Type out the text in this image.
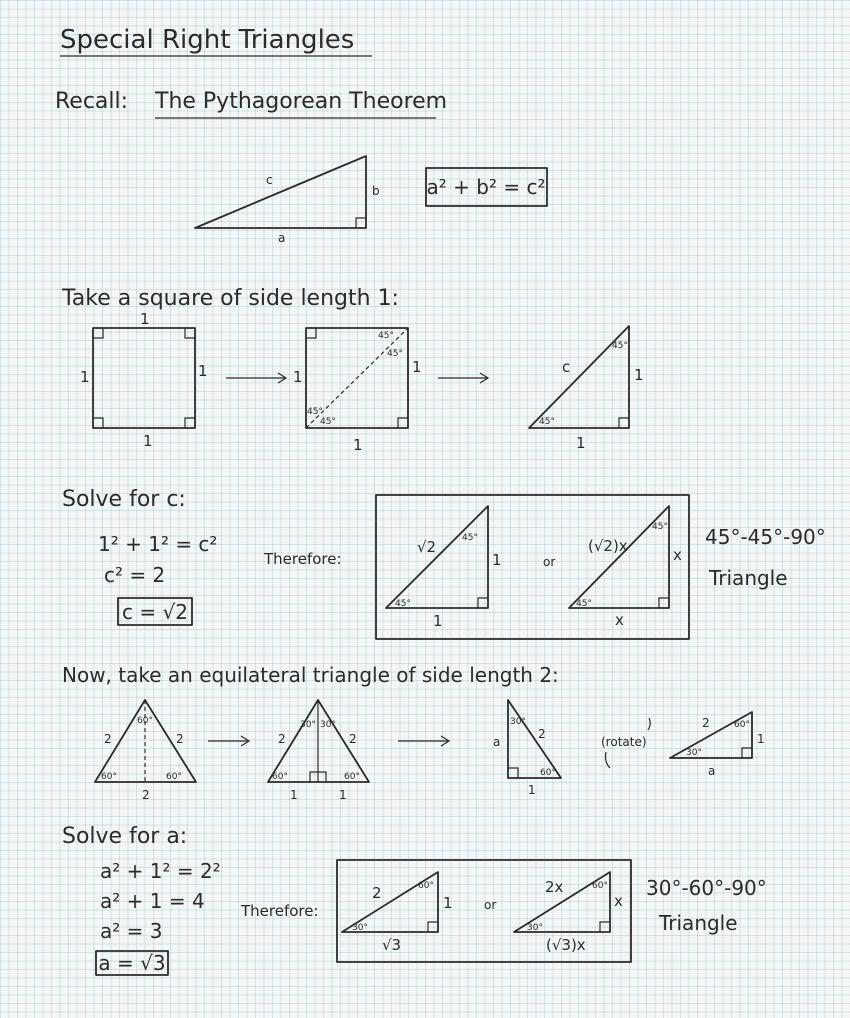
Special Right Triangles
Recall: The Pythagorean Theorem
a
b
c	a² + b² = c²
Take a square of side length 1:
1
1	1
1
1
1
1
45°
45°
45°
45°
c	1
1
45°
45°
Solve for c:
1² + 1² = c²
c² = 2
c = √2
Therefore:
√2
1
1
45°
45°
or
(√2)x	x
x
45°
45°
45°-45°-90°
Triangle
Now, take an equilateral triangle of side length 2:
2	2
2
60°
60°	60°
2	2
1	1
30° 30°
60°	60°
a
2
1
30°
60°
(rotate)
2
1
a
30°
60°
Solve for a:
a² + 1² = 2²
a² + 1 = 4
a² = 3
a = √3
Therefore:
2
1
√3
60°
30°
or
2x
x
(√3)x
60°
30°
30°-60°-90°
Triangle
